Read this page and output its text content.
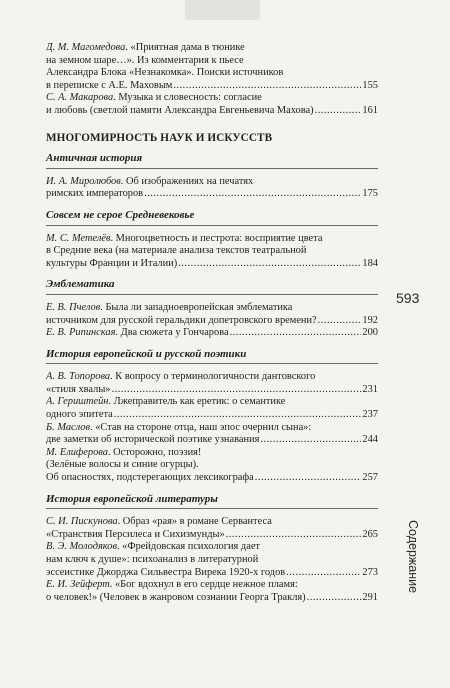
Д. М. Магомедова. «Приятная дама в тюнике
на земном шаре…». Из комментария к пьесе
Александра Блока «Незнакомка». Поиски источников
в переписке с А.Е. Маховым .....	155
С. А. Макарова. Музыка и словесность: согласие
и любовь (светлой памяти Александра Евгеньевича Махова) .....	161
МНОГОМИРНОСТЬ НАУК И ИСКУССТВ
Античная история
И. А. Миролюбов. Об изображениях на печатях
римских императоров .....	175
Совсем не серое Средневековье
М. С. Метелёв. Многоцветность и пестрота: восприятие цвета
в Средние века (на материале анализа текстов театральной
культуры Франции и Италии) .....	184
Эмблематика
Е. В. Пчелов. Была ли западноевропейская эмблематика
источником для русской геральдики допетровского времени? .....	192
Е. В. Рипинская. Два сюжета у Гончарова .....	200
История европейской и русской поэтики
А. В. Топорова. К вопросу о терминологичности дантовского
«стиля хвалы» .....	231
А. Гериштейн. Лжеправитель как еретик: о семантике
одного эпитета .....	237
Б. Маслов. «Став на стороне отца, наш эпос очернил сына»:
две заметки об исторической поэтике узнавания .....	244
М. Елиферова. Осторожно, поэзия!
(Зелёные волосы и синие огурцы).
Об опасностях, подстерегающих лексикографа .....	257
История европейской литературы
С. И. Пискунова. Образ «рая» в романе Сервантеса
«Странствия Персилеса и Сихизмунды» .....	265
В. Э. Молодяков. «Фрейдовская психология дает
нам ключ к душе»: психоанализ в литературной
эссеистике Джорджа Сильвестра Вирека 1920-х годов .....	273
Е. И. Зейферт. «Бог вдохнул в его сердце нежное пламя:
о человек!» (Человек в жанровом сознании Георга Тракля) .....	291
593
Содержание
